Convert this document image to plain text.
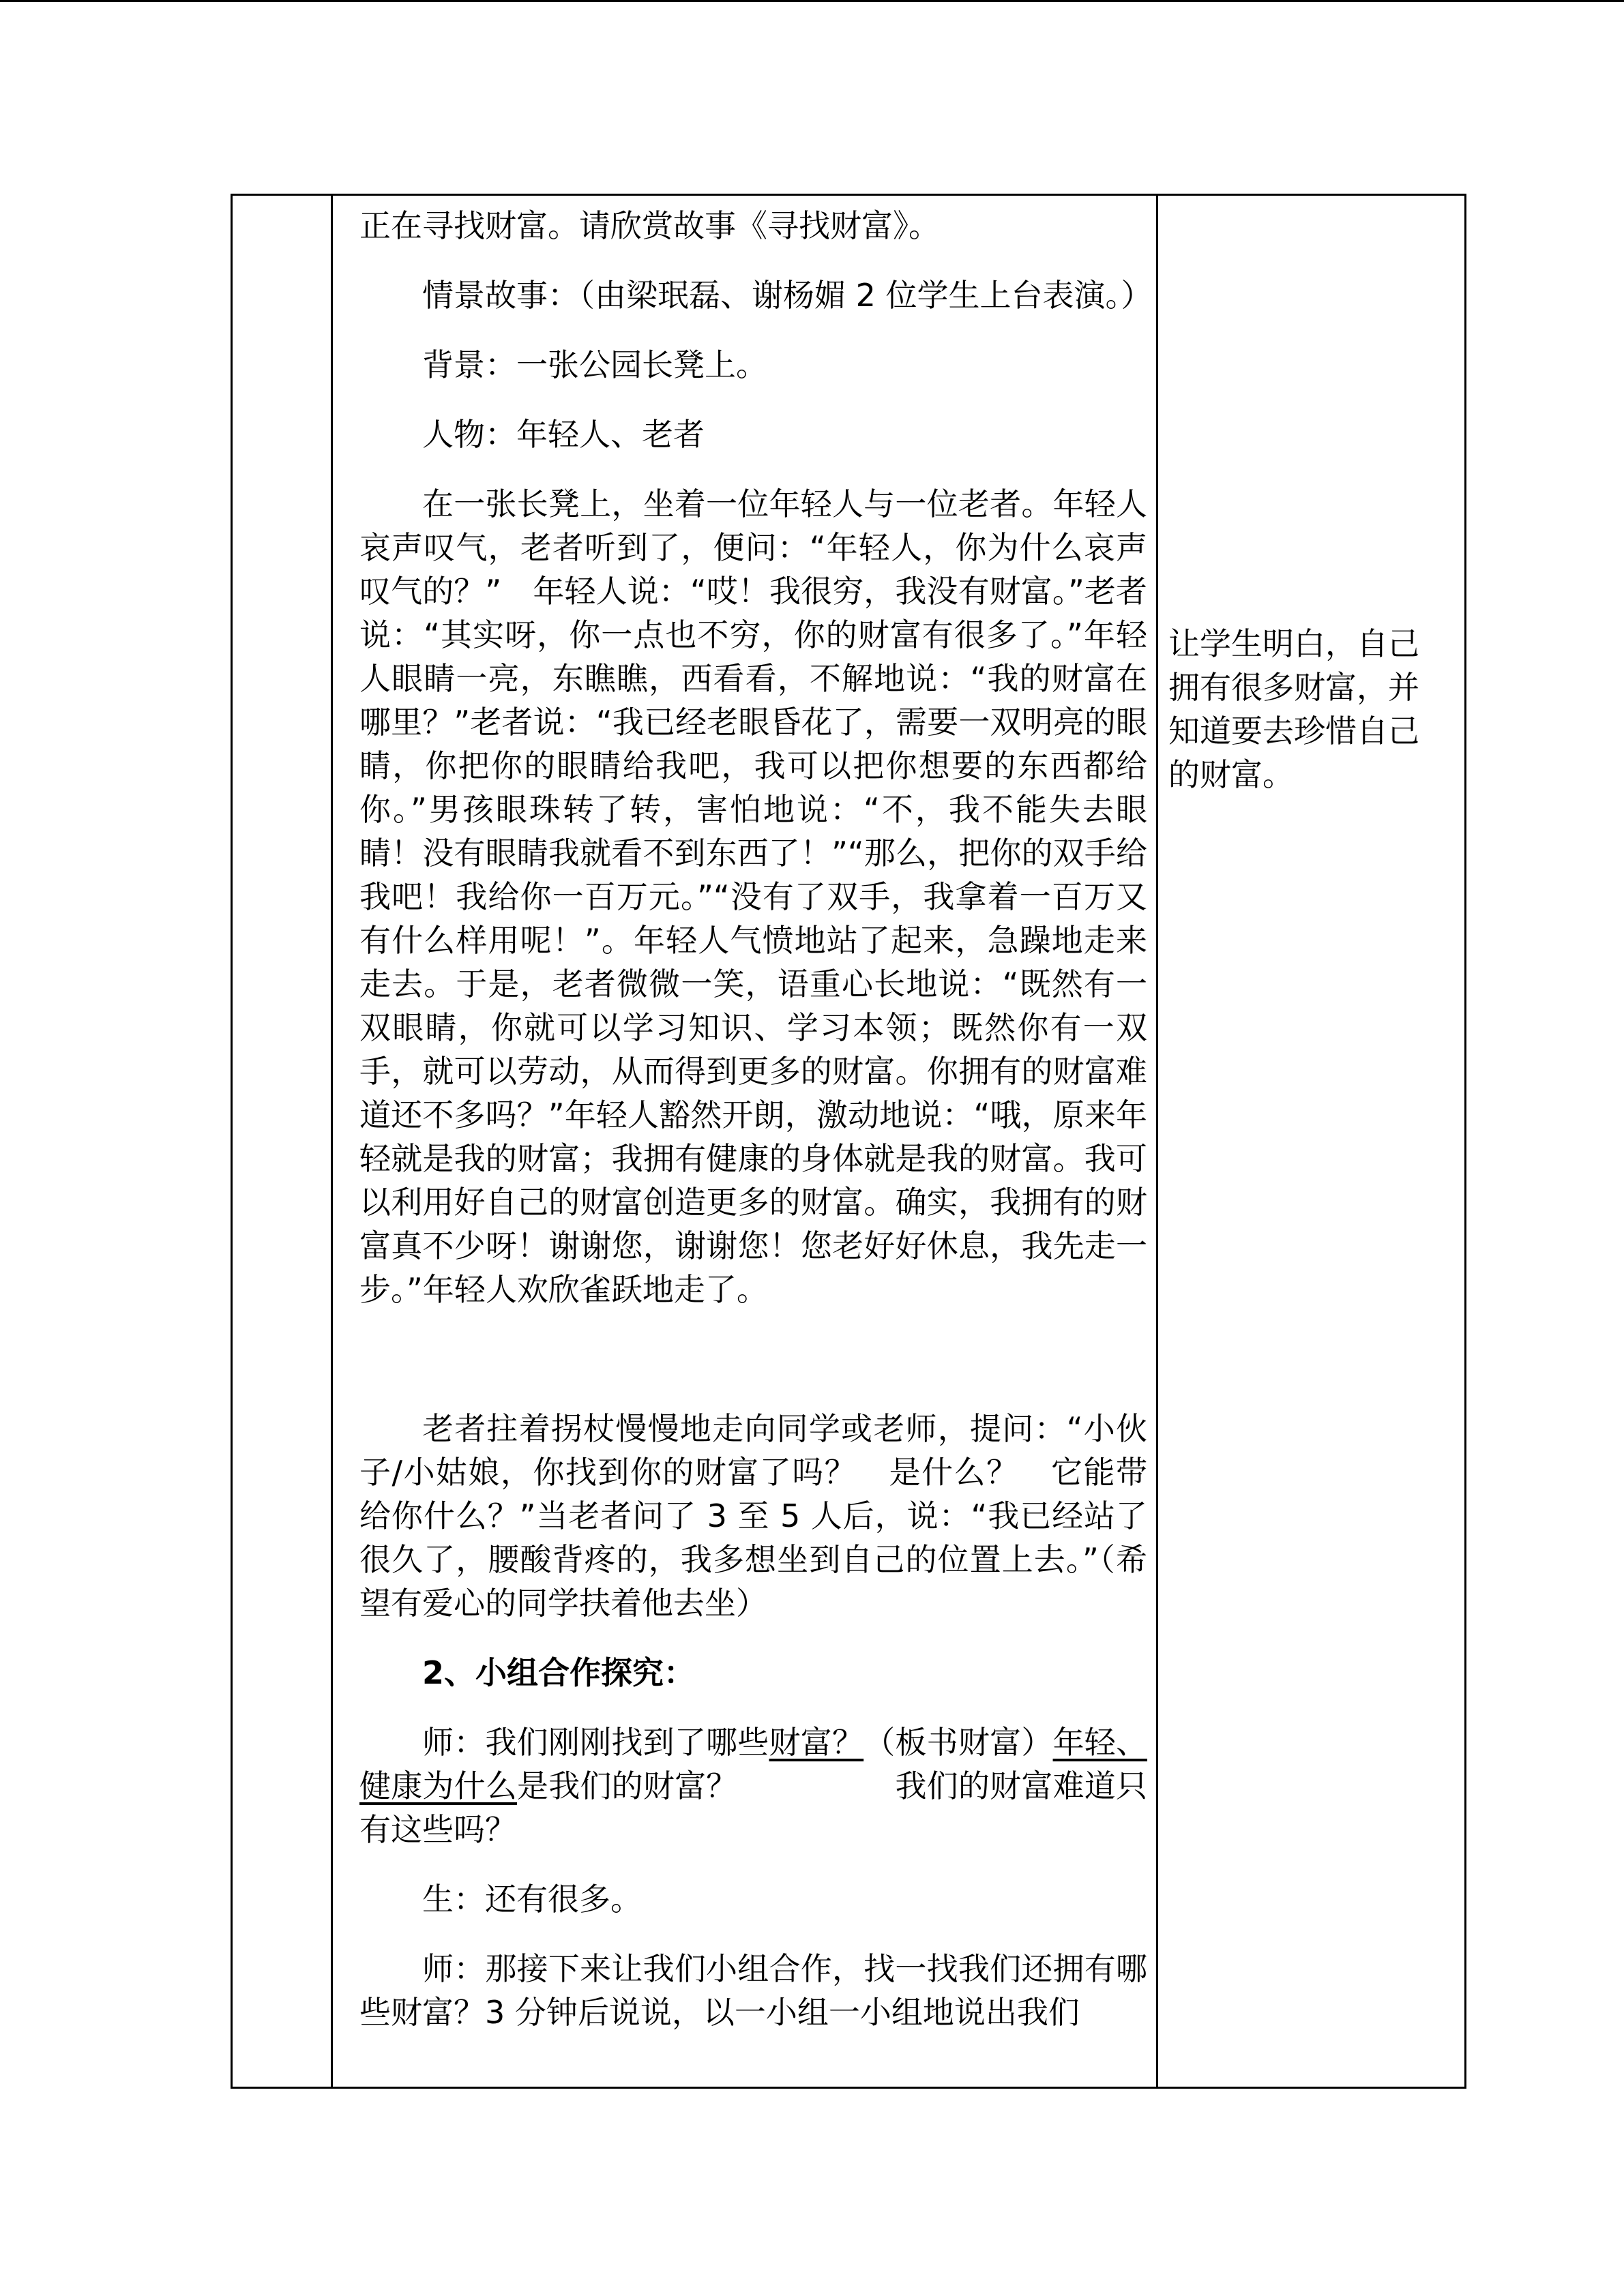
正在寻找财富。请欣赏故事《寻找财富》。

情景故事：（由梁珉磊、谢杨媚 2 位学生上台表演。）

背景：一张公园长凳上。

人物：年轻人、老者

在一张长凳上，坐着一位年轻人与一位老者。年轻人哀声叹气，老者听到了，便问：“年轻人，你为什么哀声叹气的？”　年轻人说：“哎！我很穷，我没有财富。”老者说：“其实呀，你一点也不穷，你的财富有很多了。”年轻人眼睛一亮，东瞧瞧，西看看，不解地说：“我的财富在哪里？”老者说：“我已经老眼昏花了，需要一双明亮的眼睛，你把你的眼睛给我吧，我可以把你想要的东西都给你。”男孩眼珠转了转，害怕地说：“不，我不能失去眼睛！没有眼睛我就看不到东西了！”“那么，把你的双手给我吧！我给你一百万元。”“没有了双手，我拿着一百万又有什么样用呢！”。年轻人气愤地站了起来，急躁地走来走去。于是，老者微微一笑，语重心长地说：“既然有一双眼睛，你就可以学习知识、学习本领；既然你有一双手，就可以劳动，从而得到更多的财富。你拥有的财富难道还不多吗？”年轻人豁然开朗，激动地说：“哦，原来年轻就是我的财富；我拥有健康的身体就是我的财富。我可以利用好自己的财富创造更多的财富。确实，我拥有的财富真不少呀！谢谢您，谢谢您！您老好好休息，我先走一步。”年轻人欢欣雀跃地走了。

老者拄着拐杖慢慢地走向同学或老师，提问：“小伙子/小姑娘，你找到你的财富了吗？　是什么？　它能带给你什么？”当老者问了 3 至 5 人后，说：“我已经站了很久了，腰酸背疼的，我多想坐到自己的位置上去。”（希望有爱心的同学扶着他去坐）

2、小组合作探究：

师：我们刚刚找到了哪些财富？（板书财富）年轻、健康为什么是我们的财富？　　　　　我们的财富难道只有这些吗？

生：还有很多。

师：那接下来让我们小组合作，找一找我们还拥有哪些财富？3 分钟后说说，以一小组一小组地说出我们

让学生明白，自己拥有很多财富，并知道要去珍惜自己的财富。
